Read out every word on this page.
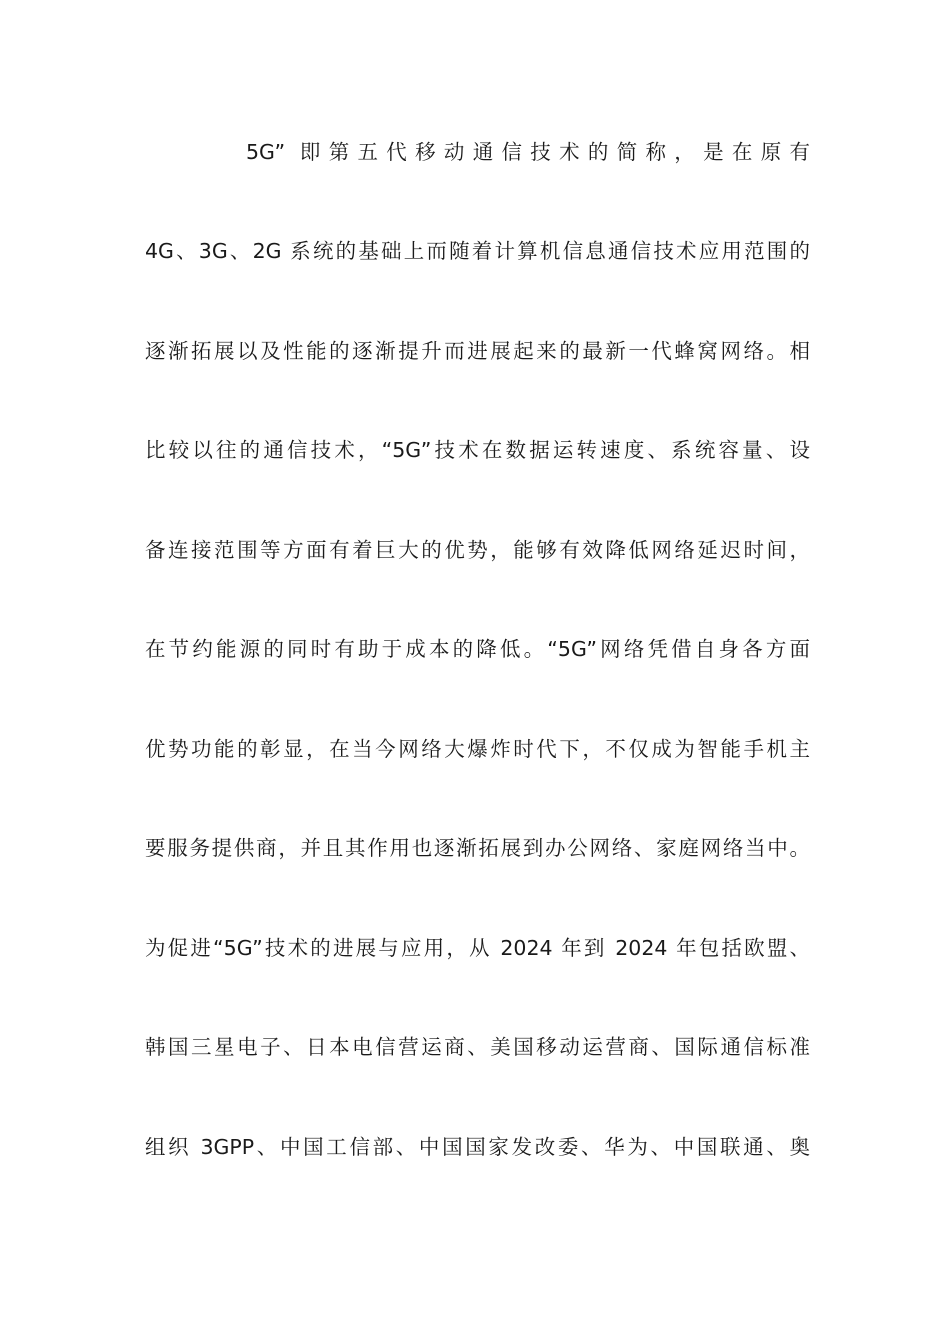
5G” 即第五代移动通信技术的简称，是在原有
4G、3G、2G 系统的基础上而随着计算机信息通信技术应用范围的
逐渐拓展以及性能的逐渐提升而进展起来的最新一代蜂窝网络。相
比较以往的通信技术，“5G”技术在数据运转速度、系统容量、设
备连接范围等方面有着巨大的优势，能够有效降低网络延迟时间，
在节约能源的同时有助于成本的降低。“5G”网络凭借自身各方面
优势功能的彰显，在当今网络大爆炸时代下，不仅成为智能手机主
要服务提供商，并且其作用也逐渐拓展到办公网络、家庭网络当中。
为促进“5G”技术的进展与应用，从 2024 年到 2024 年包括欧盟、
韩国三星电子、日本电信营运商、美国移动运营商、国际通信标准
组织 3GPP、中国工信部、中国国家发改委、华为、中国联通、奥
